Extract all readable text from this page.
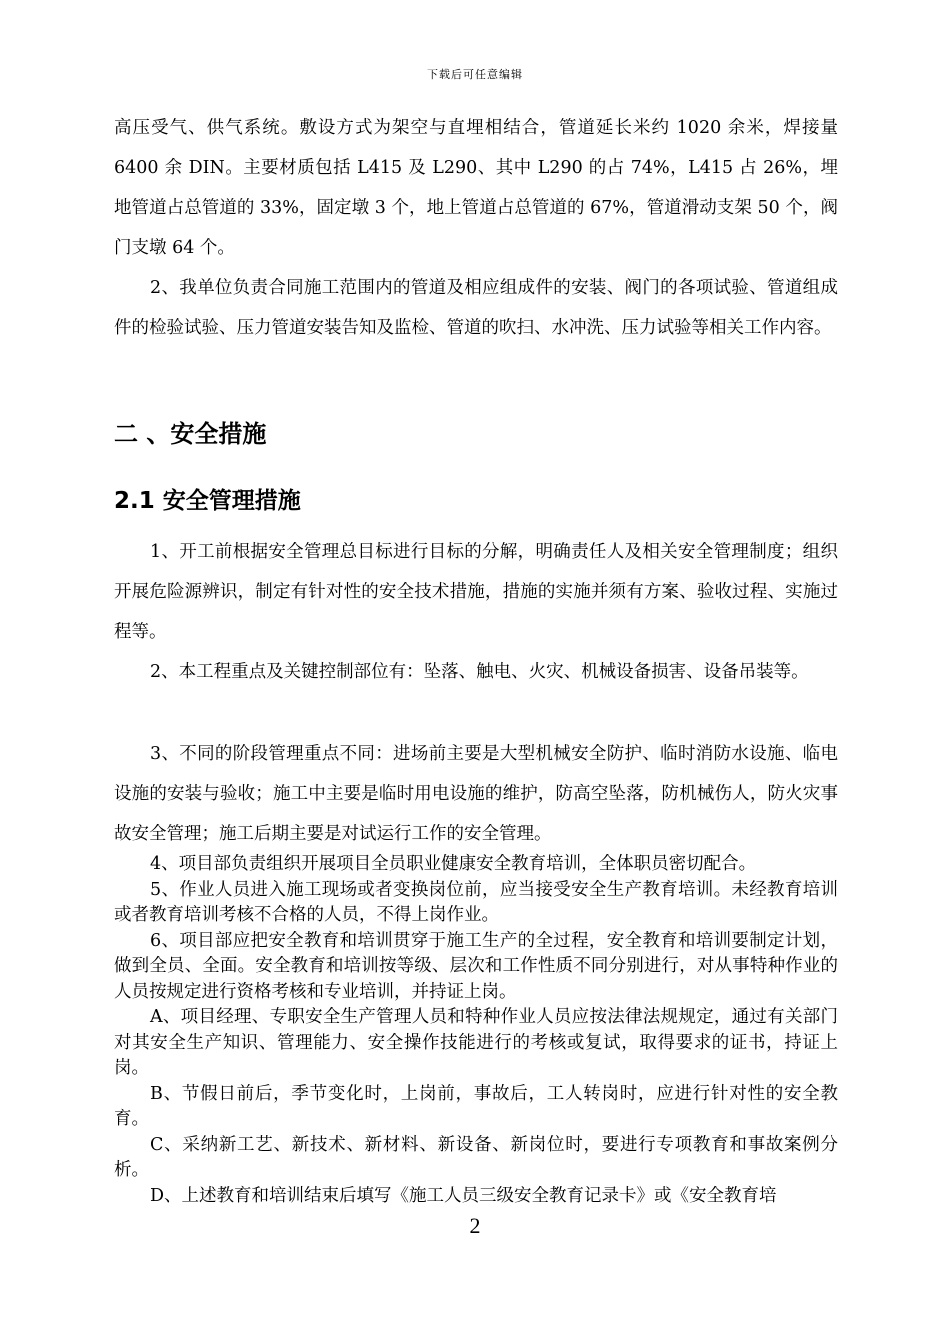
下载后可任意编辑

高压受气、供气系统。敷设方式为架空与直埋相结合，管道延长米约 1020 余米，焊接量 6400 余 DIN。主要材质包括 L415 及 L290、其中 L290 的占 74%，L415 占 26%，埋地管道占总管道的 33%，固定墩 3 个，地上管道占总管道的 67%，管道滑动支架 50 个，阀门支墩 64 个。

2、我单位负责合同施工范围内的管道及相应组成件的安装、阀门的各项试验、管道组成件的检验试验、压力管道安装告知及监检、管道的吹扫、水冲洗、压力试验等相关工作内容。

二 、安全措施
2.1 安全管理措施

1、开工前根据安全管理总目标进行目标的分解，明确责任人及相关安全管理制度；组织开展危险源辨识，制定有针对性的安全技术措施，措施的实施并须有方案、验收过程、实施过程等。

2、本工程重点及关键控制部位有：坠落、触电、火灾、机械设备损害、设备吊装等。

3、不同的阶段管理重点不同：进场前主要是大型机械安全防护、临时消防水设施、临电设施的安装与验收；施工中主要是临时用电设施的维护，防高空坠落，防机械伤人，防火灾事故安全管理；施工后期主要是对试运行工作的安全管理。

4、项目部负责组织开展项目全员职业健康安全教育培训，全体职员密切配合。

5、作业人员进入施工现场或者变换岗位前，应当接受安全生产教育培训。未经教育培训或者教育培训考核不合格的人员，不得上岗作业。

6、项目部应把安全教育和培训贯穿于施工生产的全过程，安全教育和培训要制定计划，做到全员、全面。安全教育和培训按等级、层次和工作性质不同分别进行，对从事特种作业的人员按规定进行资格考核和专业培训，并持证上岗。

A、项目经理、专职安全生产管理人员和特种作业人员应按法律法规规定，通过有关部门对其安全生产知识、管理能力、安全操作技能进行的考核或复试，取得要求的证书，持证上岗。

B、节假日前后，季节变化时，上岗前，事故后，工人转岗时，应进行针对性的安全教育。

C、采纳新工艺、新技术、新材料、新设备、新岗位时，要进行专项教育和事故案例分析。

D、上述教育和培训结束后填写《施工人员三级安全教育记录卡》或《安全教育培

2
